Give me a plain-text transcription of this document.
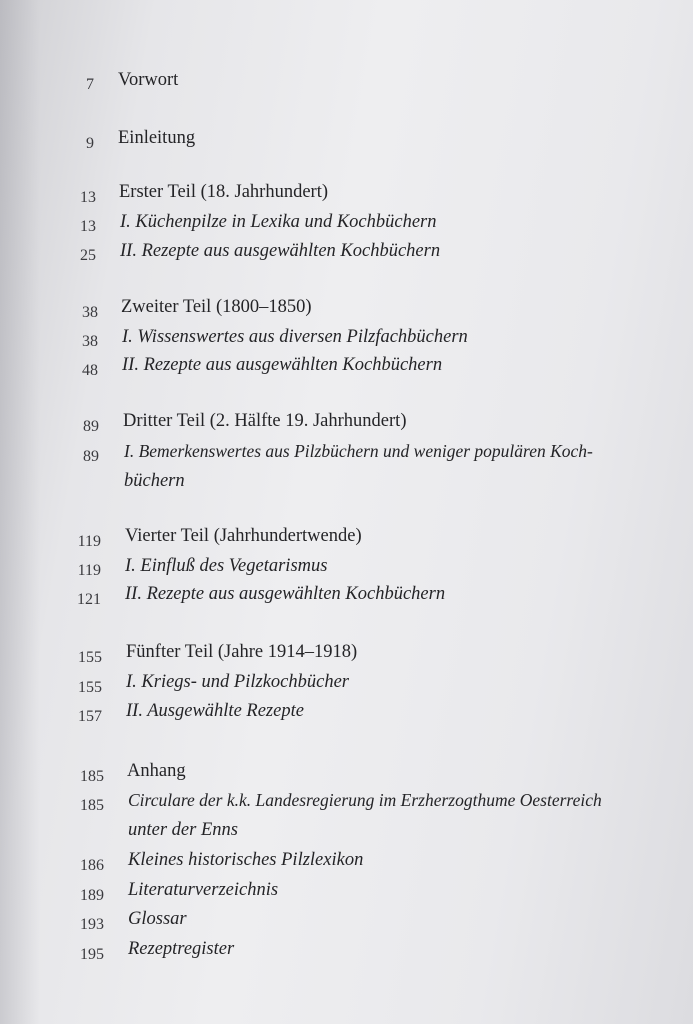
7 Vorwort
9 Einleitung
13 Erster Teil (18. Jahrhundert)
13 I. Küchenpilze in Lexika und Kochbüchern
25 II. Rezepte aus ausgewählten Kochbüchern
38 Zweiter Teil (1800–1850)
38 I. Wissenswertes aus diversen Pilzfachbüchern
48 II. Rezepte aus ausgewählten Kochbüchern
89 Dritter Teil (2. Hälfte 19. Jahrhundert)
89 I. Bemerkenswertes aus Pilzbüchern und weniger populären Koch-
büchern
119 Vierter Teil (Jahrhundertwende)
119 I. Einfluß des Vegetarismus
121 II. Rezepte aus ausgewählten Kochbüchern
155 Fünfter Teil (Jahre 1914–1918)
155 I. Kriegs- und Pilzkochbücher
157 II. Ausgewählte Rezepte
185 Anhang
185 Circulare der k.k. Landesregierung im Erzherzogthume Oesterreich
unter der Enns
186 Kleines historisches Pilzlexikon
189 Literaturverzeichnis
193 Glossar
195 Rezeptregister
